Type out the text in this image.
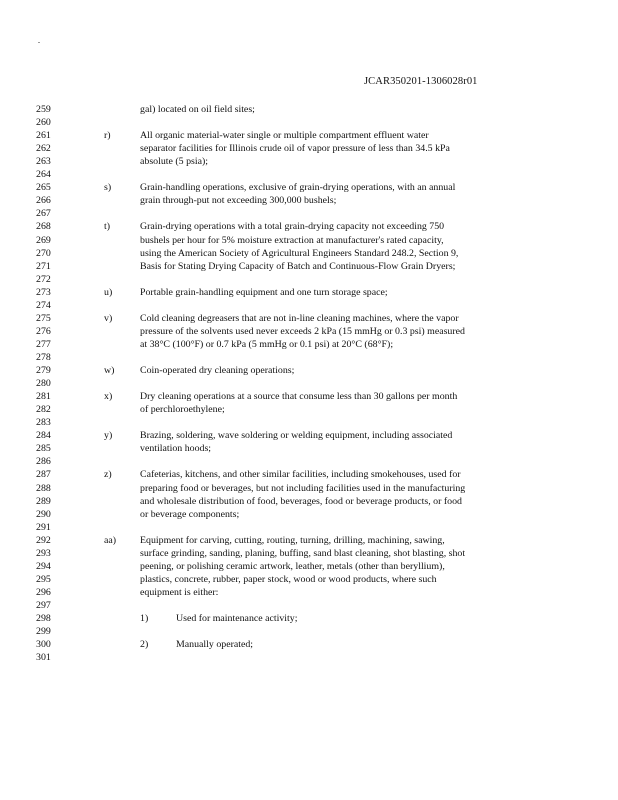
JCAR350201-1306028r01
259	gal) located on oil field sites;
260
261	r)	All organic material-water single or multiple compartment effluent water
262	separator facilities for Illinois crude oil of vapor pressure of less than 34.5 kPa
263	absolute (5 psia);
264
265	s)	Grain-handling operations, exclusive of grain-drying operations, with an annual
266	grain through-put not exceeding 300,000 bushels;
267
268	t)	Grain-drying operations with a total grain-drying capacity not exceeding 750
269	bushels per hour for 5% moisture extraction at manufacturer's rated capacity,
270	using the American Society of Agricultural Engineers Standard 248.2, Section 9,
271	Basis for Stating Drying Capacity of Batch and Continuous-Flow Grain Dryers;
272
273	u)	Portable grain-handling equipment and one turn storage space;
274
275	v)	Cold cleaning degreasers that are not in-line cleaning machines, where the vapor
276	pressure of the solvents used never exceeds 2 kPa (15 mmHg or 0.3 psi) measured
277	at 38°C (100°F) or 0.7 kPa (5 mmHg or 0.1 psi) at 20°C (68°F);
278
279	w)	Coin-operated dry cleaning operations;
280
281	x)	Dry cleaning operations at a source that consume less than 30 gallons per month
282	of perchloroethylene;
283
284	y)	Brazing, soldering, wave soldering or welding equipment, including associated
285	ventilation hoods;
286
287	z)	Cafeterias, kitchens, and other similar facilities, including smokehouses, used for
288	preparing food or beverages, but not including facilities used in the manufacturing
289	and wholesale distribution of food, beverages, food or beverage products, or food
290	or beverage components;
291
292	aa) Equipment for carving, cutting, routing, turning, drilling, machining, sawing,
293	surface grinding, sanding, planing, buffing, sand blast cleaning, shot blasting, shot
294	peening, or polishing ceramic artwork, leather, metals (other than beryllium),
295	plastics, concrete, rubber, paper stock, wood or wood products, where such
296	equipment is either:
297
298	1)	Used for maintenance activity;
299
300	2)	Manually operated;
301
